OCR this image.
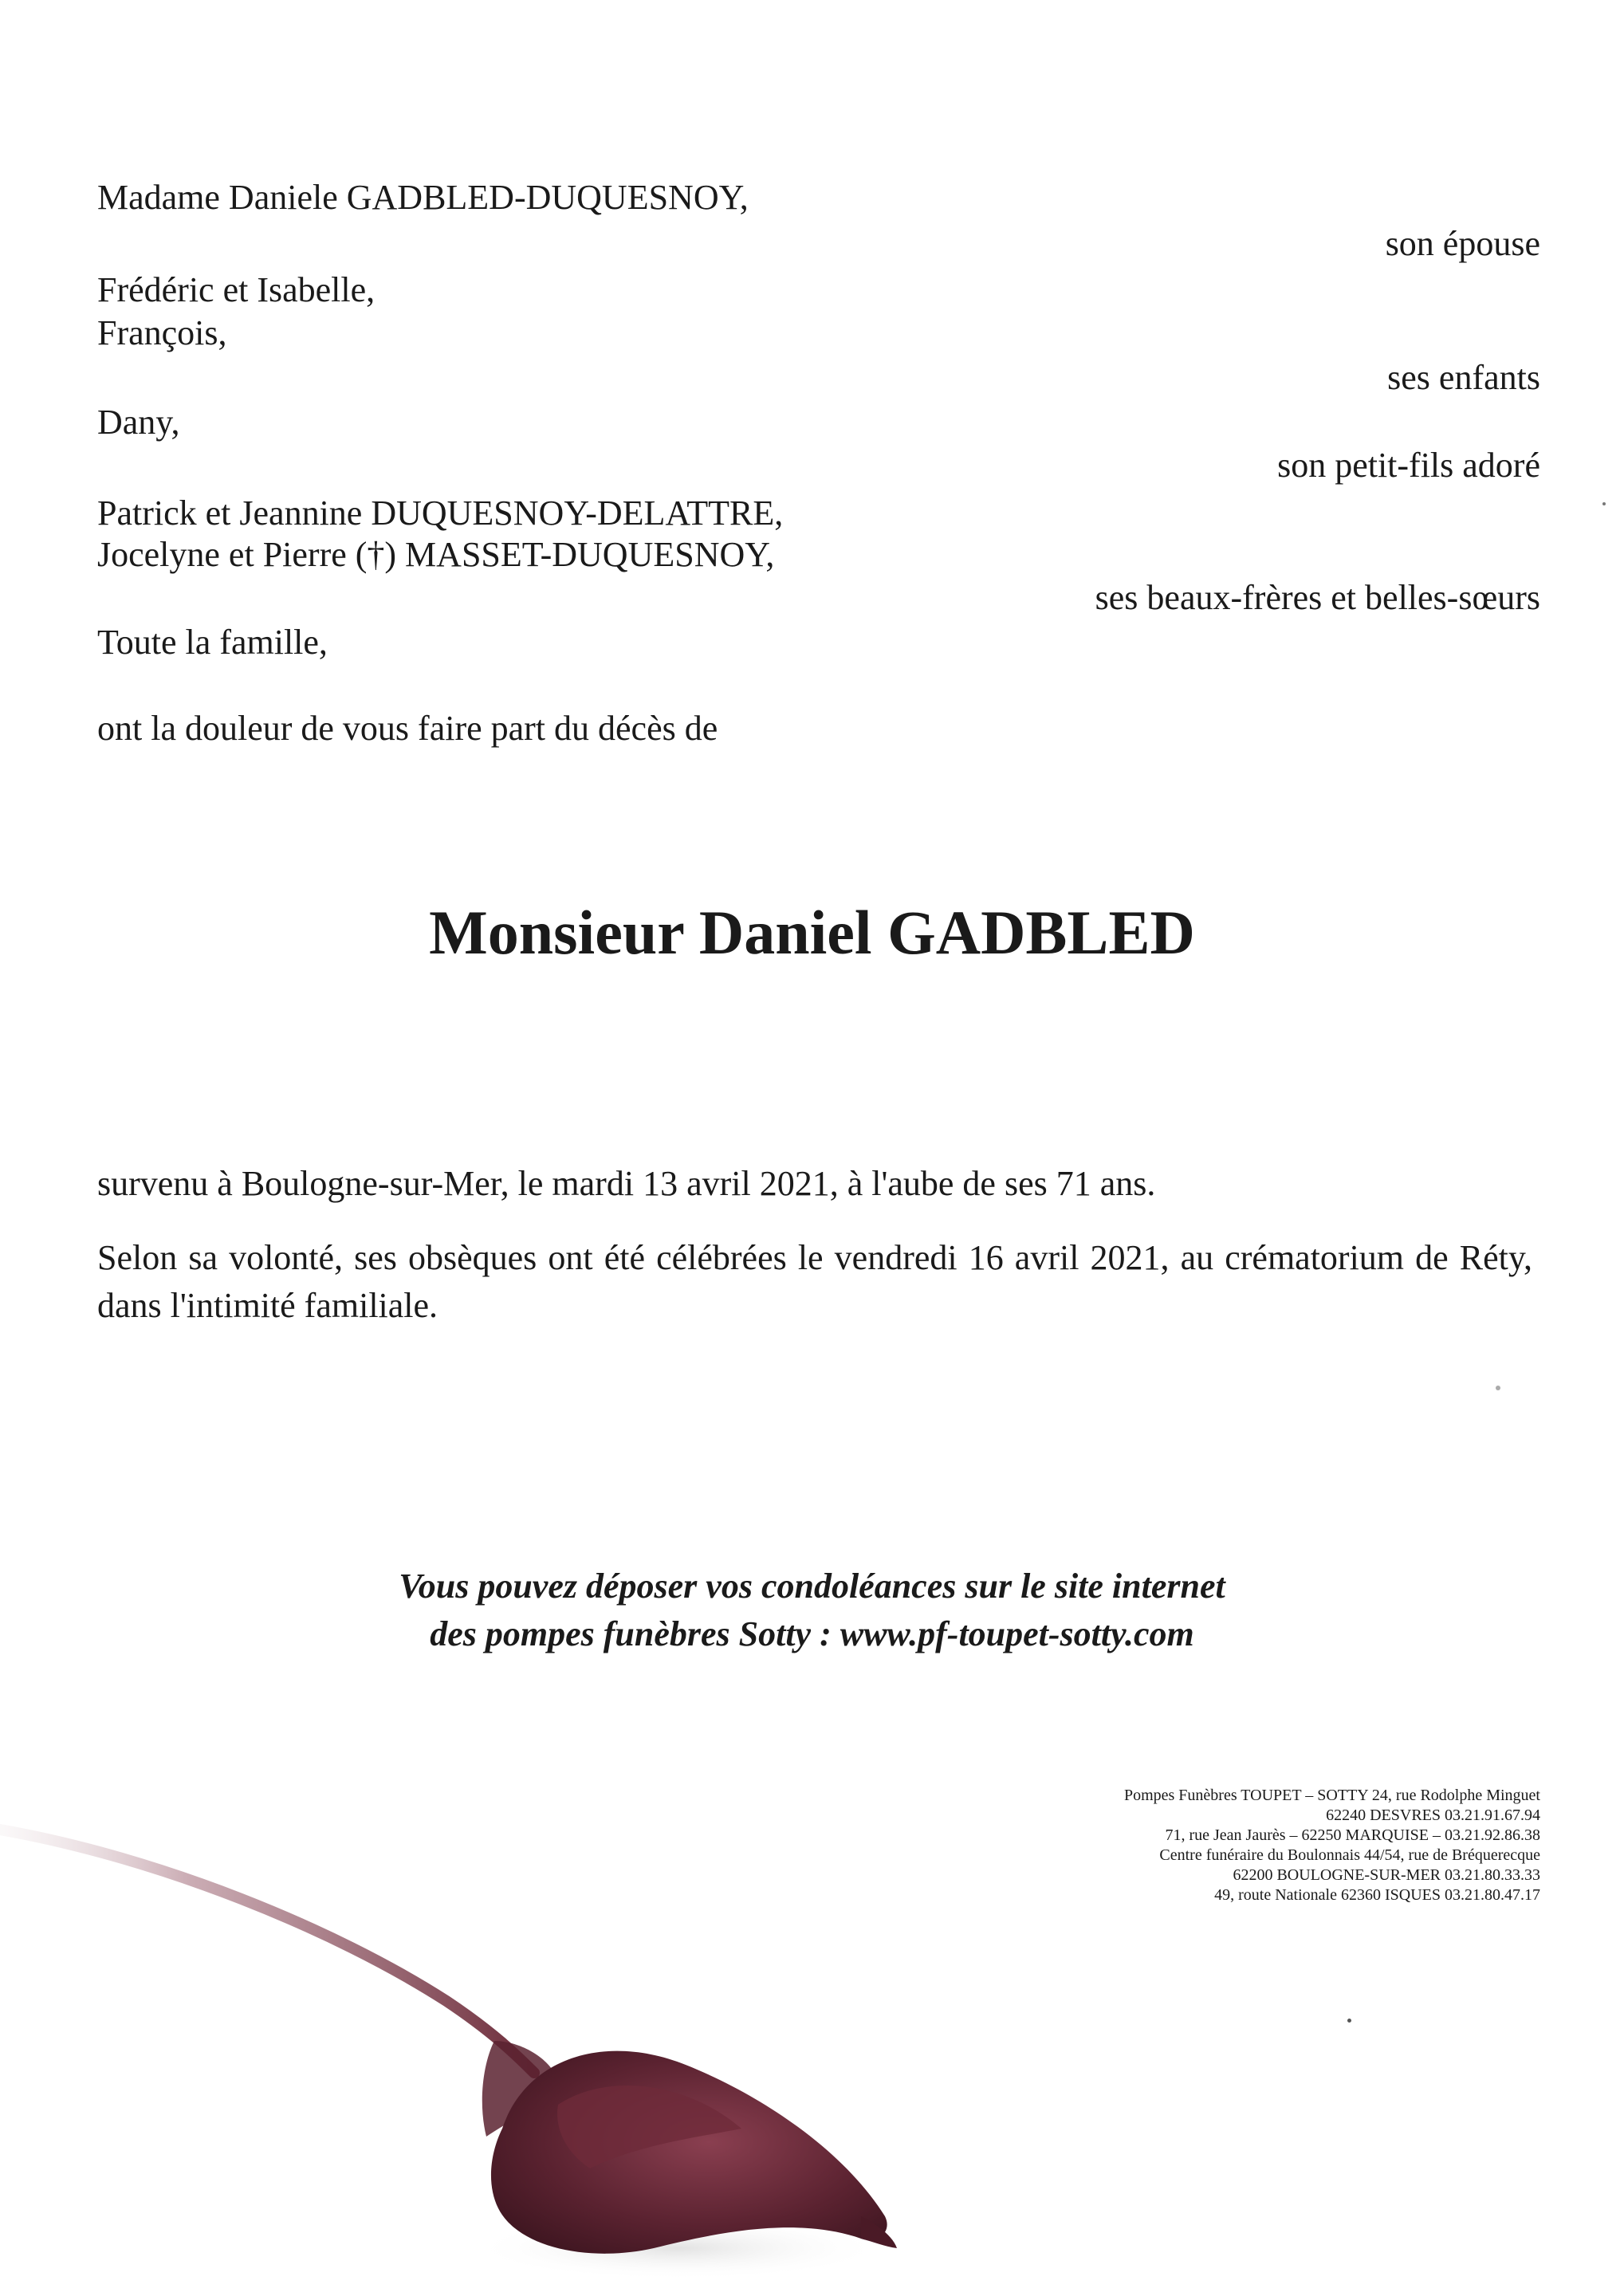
Madame Daniele GADBLED-DUQUESNOY,
Frédéric et Isabelle,
François,
Dany,
Patrick et Jeannine DUQUESNOY-DELATTRE,
Jocelyne et Pierre (†) MASSET-DUQUESNOY,
Toute la famille,
son épouse
ses enfants
son petit-fils adoré
ses beaux-frères et belles-sœurs
ont la douleur de vous faire part du décès de
Monsieur Daniel GADBLED
survenu à Boulogne-sur-Mer, le mardi 13 avril 2021, à l'aube de ses 71 ans.
Selon sa volonté, ses obsèques ont été célébrées le vendredi 16 avril 2021, au crématorium de Réty, dans l'intimité familiale.
Vous pouvez déposer vos condoléances sur le site internet
des pompes funèbres Sotty : www.pf-toupet-sotty.com
Pompes Funèbres TOUPET – SOTTY 24, rue Rodolphe Minguet
62240 DESVRES 03.21.91.67.94
71, rue Jean Jaurès – 62250 MARQUISE – 03.21.92.86.38
Centre funéraire du Boulonnais 44/54, rue de Bréquerecque
62200 BOULOGNE-SUR-MER 03.21.80.33.33
49, route Nationale 62360 ISQUES 03.21.80.47.17
